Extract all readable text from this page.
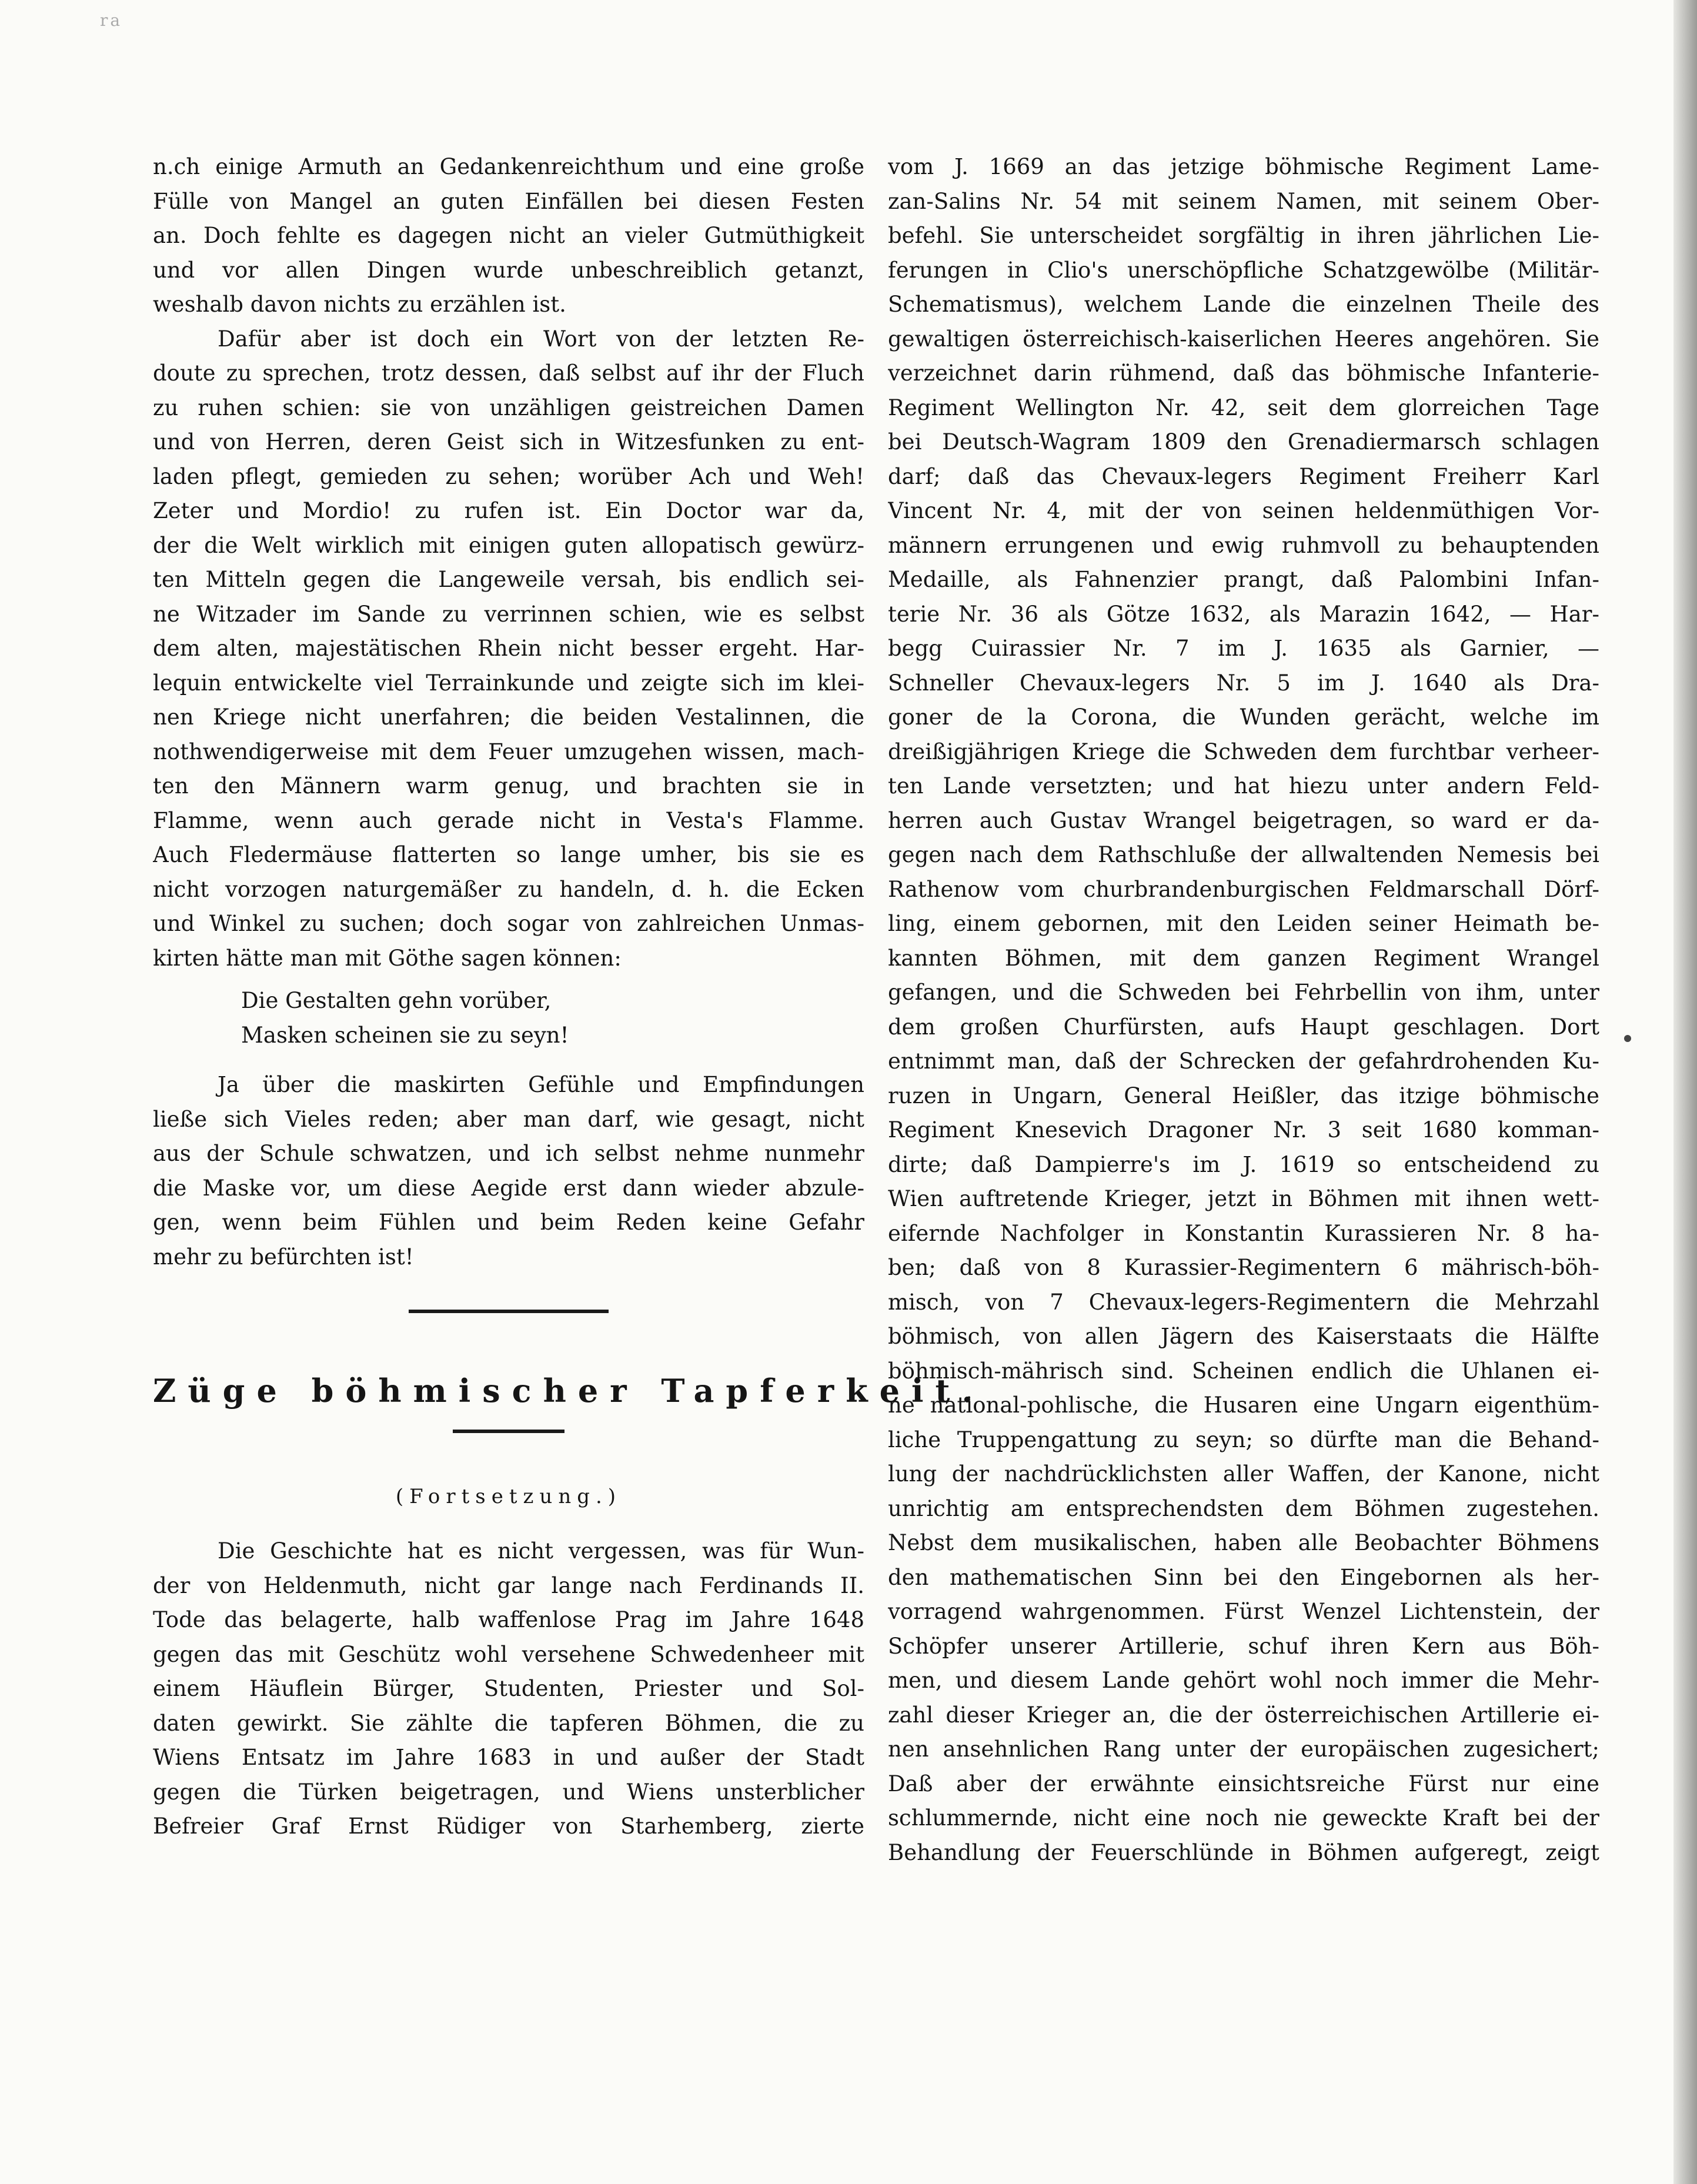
ra
n.ch einige Armuth an Gedankenreichthum und eine große
Fülle von Mangel an guten Einfällen bei diesen Festen
an. Doch fehlte es dagegen nicht an vieler Gutmüthigkeit
und vor allen Dingen wurde unbeschreiblich getanzt,
weshalb davon nichts zu erzählen ist.
Dafür aber ist doch ein Wort von der letzten Re-
doute zu sprechen, trotz dessen, daß selbst auf ihr der Fluch
zu ruhen schien: sie von unzähligen geistreichen Damen
und von Herren, deren Geist sich in Witzesfunken zu ent-
laden pflegt, gemieden zu sehen; worüber Ach und Weh!
Zeter und Mordio! zu rufen ist. Ein Doctor war da,
der die Welt wirklich mit einigen guten allopatisch gewürz-
ten Mitteln gegen die Langeweile versah, bis endlich sei-
ne Witzader im Sande zu verrinnen schien, wie es selbst
dem alten, majestätischen Rhein nicht besser ergeht. Har-
lequin entwickelte viel Terrainkunde und zeigte sich im klei-
nen Kriege nicht unerfahren; die beiden Vestalinnen, die
nothwendigerweise mit dem Feuer umzugehen wissen, mach-
ten den Männern warm genug, und brachten sie in
Flamme, wenn auch gerade nicht in Vesta's Flamme.
Auch Fledermäuse flatterten so lange umher, bis sie es
nicht vorzogen naturgemäßer zu handeln, d. h. die Ecken
und Winkel zu suchen; doch sogar von zahlreichen Unmas-
kirten hätte man mit Göthe sagen können:
Die Gestalten gehn vorüber,
Masken scheinen sie zu seyn!
Ja über die maskirten Gefühle und Empfindungen
ließe sich Vieles reden; aber man darf, wie gesagt, nicht
aus der Schule schwatzen, und ich selbst nehme nunmehr
die Maske vor, um diese Aegide erst dann wieder abzule-
gen, wenn beim Fühlen und beim Reden keine Gefahr
mehr zu befürchten ist!
Züge böhmischer Tapferkeit.
(Fortsetzung.)
Die Geschichte hat es nicht vergessen, was für Wun-
der von Heldenmuth, nicht gar lange nach Ferdinands II.
Tode das belagerte, halb waffenlose Prag im Jahre 1648
gegen das mit Geschütz wohl versehene Schwedenheer mit
einem Häuflein Bürger, Studenten, Priester und Sol-
daten gewirkt. Sie zählte die tapferen Böhmen, die zu
Wiens Entsatz im Jahre 1683 in und außer der Stadt
gegen die Türken beigetragen, und Wiens unsterblicher
Befreier Graf Ernst Rüdiger von Starhemberg, zierte
vom J. 1669 an das jetzige böhmische Regiment Lame-
zan-Salins Nr. 54 mit seinem Namen, mit seinem Ober-
befehl. Sie unterscheidet sorgfältig in ihren jährlichen Lie-
ferungen in Clio's unerschöpfliche Schatzgewölbe (Militär-
Schematismus), welchem Lande die einzelnen Theile des
gewaltigen österreichisch-kaiserlichen Heeres angehören. Sie
verzeichnet darin rühmend, daß das böhmische Infanterie-
Regiment Wellington Nr. 42, seit dem glorreichen Tage
bei Deutsch-Wagram 1809 den Grenadiermarsch schlagen
darf; daß das Chevaux-legers Regiment Freiherr Karl
Vincent Nr. 4, mit der von seinen heldenmüthigen Vor-
männern errungenen und ewig ruhmvoll zu behauptenden
Medaille, als Fahnenzier prangt, daß Palombini Infan-
terie Nr. 36 als Götze 1632, als Marazin 1642, — Har-
begg Cuirassier Nr. 7 im J. 1635 als Garnier, —
Schneller Chevaux-legers Nr. 5 im J. 1640 als Dra-
goner de la Corona, die Wunden gerächt, welche im
dreißigjährigen Kriege die Schweden dem furchtbar verheer-
ten Lande versetzten; und hat hiezu unter andern Feld-
herren auch Gustav Wrangel beigetragen, so ward er da-
gegen nach dem Rathschluße der allwaltenden Nemesis bei
Rathenow vom churbrandenburgischen Feldmarschall Dörf-
ling, einem gebornen, mit den Leiden seiner Heimath be-
kannten Böhmen, mit dem ganzen Regiment Wrangel
gefangen, und die Schweden bei Fehrbellin von ihm, unter
dem großen Churfürsten, aufs Haupt geschlagen. Dort
entnimmt man, daß der Schrecken der gefahrdrohenden Ku-
ruzen in Ungarn, General Heißler, das itzige böhmische
Regiment Knesevich Dragoner Nr. 3 seit 1680 komman-
dirte; daß Dampierre's im J. 1619 so entscheidend zu
Wien auftretende Krieger, jetzt in Böhmen mit ihnen wett-
eifernde Nachfolger in Konstantin Kurassieren Nr. 8 ha-
ben; daß von 8 Kurassier-Regimentern 6 mährisch-böh-
misch, von 7 Chevaux-legers-Regimentern die Mehrzahl
böhmisch, von allen Jägern des Kaiserstaats die Hälfte
böhmisch-mährisch sind. Scheinen endlich die Uhlanen ei-
ne national-pohlische, die Husaren eine Ungarn eigenthüm-
liche Truppengattung zu seyn; so dürfte man die Behand-
lung der nachdrücklichsten aller Waffen, der Kanone, nicht
unrichtig am entsprechendsten dem Böhmen zugestehen.
Nebst dem musikalischen, haben alle Beobachter Böhmens
den mathematischen Sinn bei den Eingebornen als her-
vorragend wahrgenommen. Fürst Wenzel Lichtenstein, der
Schöpfer unserer Artillerie, schuf ihren Kern aus Böh-
men, und diesem Lande gehört wohl noch immer die Mehr-
zahl dieser Krieger an, die der österreichischen Artillerie ei-
nen ansehnlichen Rang unter der europäischen zugesichert;
Daß aber der erwähnte einsichtsreiche Fürst nur eine
schlummernde, nicht eine noch nie geweckte Kraft bei der
Behandlung der Feuerschlünde in Böhmen aufgeregt, zeigt
